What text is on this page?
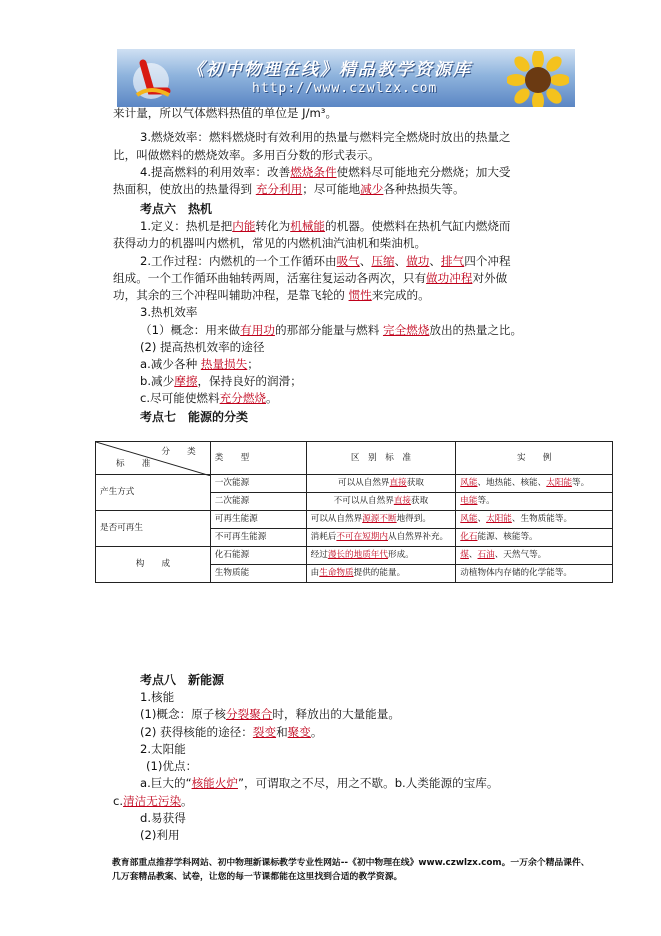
《初中物理在线》精品教学资源库
http://www.czwlzx.com
来计量，所以气体燃料热值的单位是 J/m³。
3.燃烧效率：燃料燃烧时有效利用的热量与燃料完全燃烧时放出的热量之
比，叫做燃料的燃烧效率。多用百分数的形式表示。
4.提高燃料的利用效率：改善燃烧条件使燃料尽可能地充分燃烧；加大受
热面积，使放出的热量得到 充分利用；尽可能地减少各种热损失等。
考点六　热机
1.定义：热机是把内能转化为机械能的机器。使燃料在热机气缸内燃烧而
获得动力的机器叫内燃机，常见的内燃机油汽油机和柴油机。
2.工作过程：内燃机的一个工作循环由吸气、压缩、做功、排气四个冲程
组成。一个工作循环曲轴转两周，活塞往复运动各两次，只有做功冲程对外做
功，其余的三个冲程叫辅助冲程，是靠飞轮的 惯性来完成的。
3.热机效率
（1）概念：用来做有用功的那部分能量与燃料 完全燃烧放出的热量之比。
(2) 提高热机效率的途径
a.减少各种 热量损失；
b.减少摩擦，保持良好的润滑；
c.尽可能使燃料充分燃烧。
考点七　能源的分类
分　　类
标　　准	类　　型	区　别　标　准	实　　例
产生方式	一次能源	可以从自然界直接获取	风能、地热能、核能、太阳能等。
	二次能源	不可以从自然界直接获取	电能等。
是否可再生	可再生能源	可以从自然界源源不断地得到。	风能、太阳能、生物质能等。
	不可再生能源	消耗后不可在短期内从自然界补充。	化石能源、核能等。
构　　成	化石能源	经过漫长的地质年代形成。	煤、石油、天然气等。
	生物质能	由生命物质提供的能量。	动植物体内存储的化学能等。
考点八　新能源
1.核能
(1)概念：原子核分裂聚合时，释放出的大量能量。
(2) 获得核能的途径：裂变和聚变。
2.太阳能
(1)优点：
a.巨大的“核能火炉”，可谓取之不尽，用之不歇。b.人类能源的宝库。
c.清洁无污染。
d.易获得
(2)利用
教育部重点推荐学科网站、初中物理新课标教学专业性网站--《初中物理在线》www.czwlzx.com。一万余个精品课件、几万套精品教案、试卷，让您的每一节课都能在这里找到合适的教学资源。
